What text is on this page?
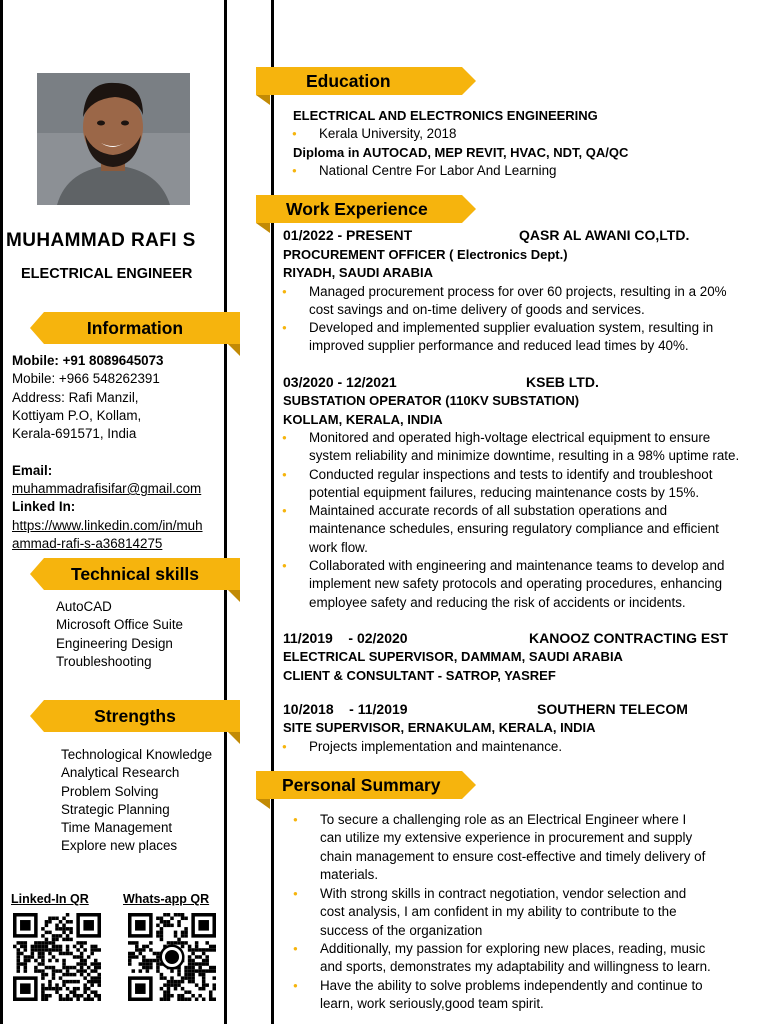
MUHAMMAD RAFI S
ELECTRICAL ENGINEER
Information
Mobile: +91 8089645073
Mobile: +966 548262391
Address: Rafi Manzil,
Kottiyam P.O, Kollam,
Kerala-691571, India
Email:
muhammadrafisifar@gmail.com
Linked In:
https://www.linkedin.com/in/muh
ammad-rafi-s-a36814275
Technical skills
AutoCAD
Microsoft Office Suite
Engineering Design
Troubleshooting
Strengths
Technological Knowledge
Analytical Research
Problem Solving
Strategic Planning
Time Management
Explore new places
Linked-In QR	Whats-app QR
Education
ELECTRICAL AND ELECTRONICS ENGINEERING
● Kerala University, 2018
Diploma in AUTOCAD, MEP REVIT, HVAC, NDT, QA/QC
● National Centre For Labor And Learning
Work Experience
01/2022 - PRESENT	QASR AL AWANI CO,LTD.
PROCUREMENT OFFICER ( Electronics Dept.)
RIYADH, SAUDI ARABIA
● Managed procurement process for over 60 projects, resulting in a 20%
cost savings and on-time delivery of goods and services.
● Developed and implemented supplier evaluation system, resulting in
improved supplier performance and reduced lead times by 40%.
03/2020 - 12/2021	KSEB LTD.
SUBSTATION OPERATOR (110KV SUBSTATION)
KOLLAM, KERALA, INDIA
● Monitored and operated high-voltage electrical equipment to ensure
system reliability and minimize downtime, resulting in a 98% uptime rate.
● Conducted regular inspections and tests to identify and troubleshoot
potential equipment failures, reducing maintenance costs by 15%.
● Maintained accurate records of all substation operations and
maintenance schedules, ensuring regulatory compliance and efficient
work flow.
● Collaborated with engineering and maintenance teams to develop and
implement new safety protocols and operating procedures, enhancing
employee safety and reducing the risk of accidents or incidents.
11/2019    - 02/2020	KANOOZ CONTRACTING EST
ELECTRICAL SUPERVISOR, DAMMAM, SAUDI ARABIA
CLIENT & CONSULTANT - SATROP, YASREF
10/2018    - 11/2019	SOUTHERN TELECOM
SITE SUPERVISOR, ERNAKULAM, KERALA, INDIA
● Projects implementation and maintenance.
Personal Summary
● To secure a challenging role as an Electrical Engineer where I
can utilize my extensive experience in procurement and supply
chain management to ensure cost-effective and timely delivery of
materials.
● With strong skills in contract negotiation, vendor selection and
cost analysis, I am confident in my ability to contribute to the
success of the organization
● Additionally, my passion for exploring new places, reading, music
and sports, demonstrates my adaptability and willingness to learn.
● Have the ability to solve problems independently and continue to
learn, work seriously,good team spirit.
